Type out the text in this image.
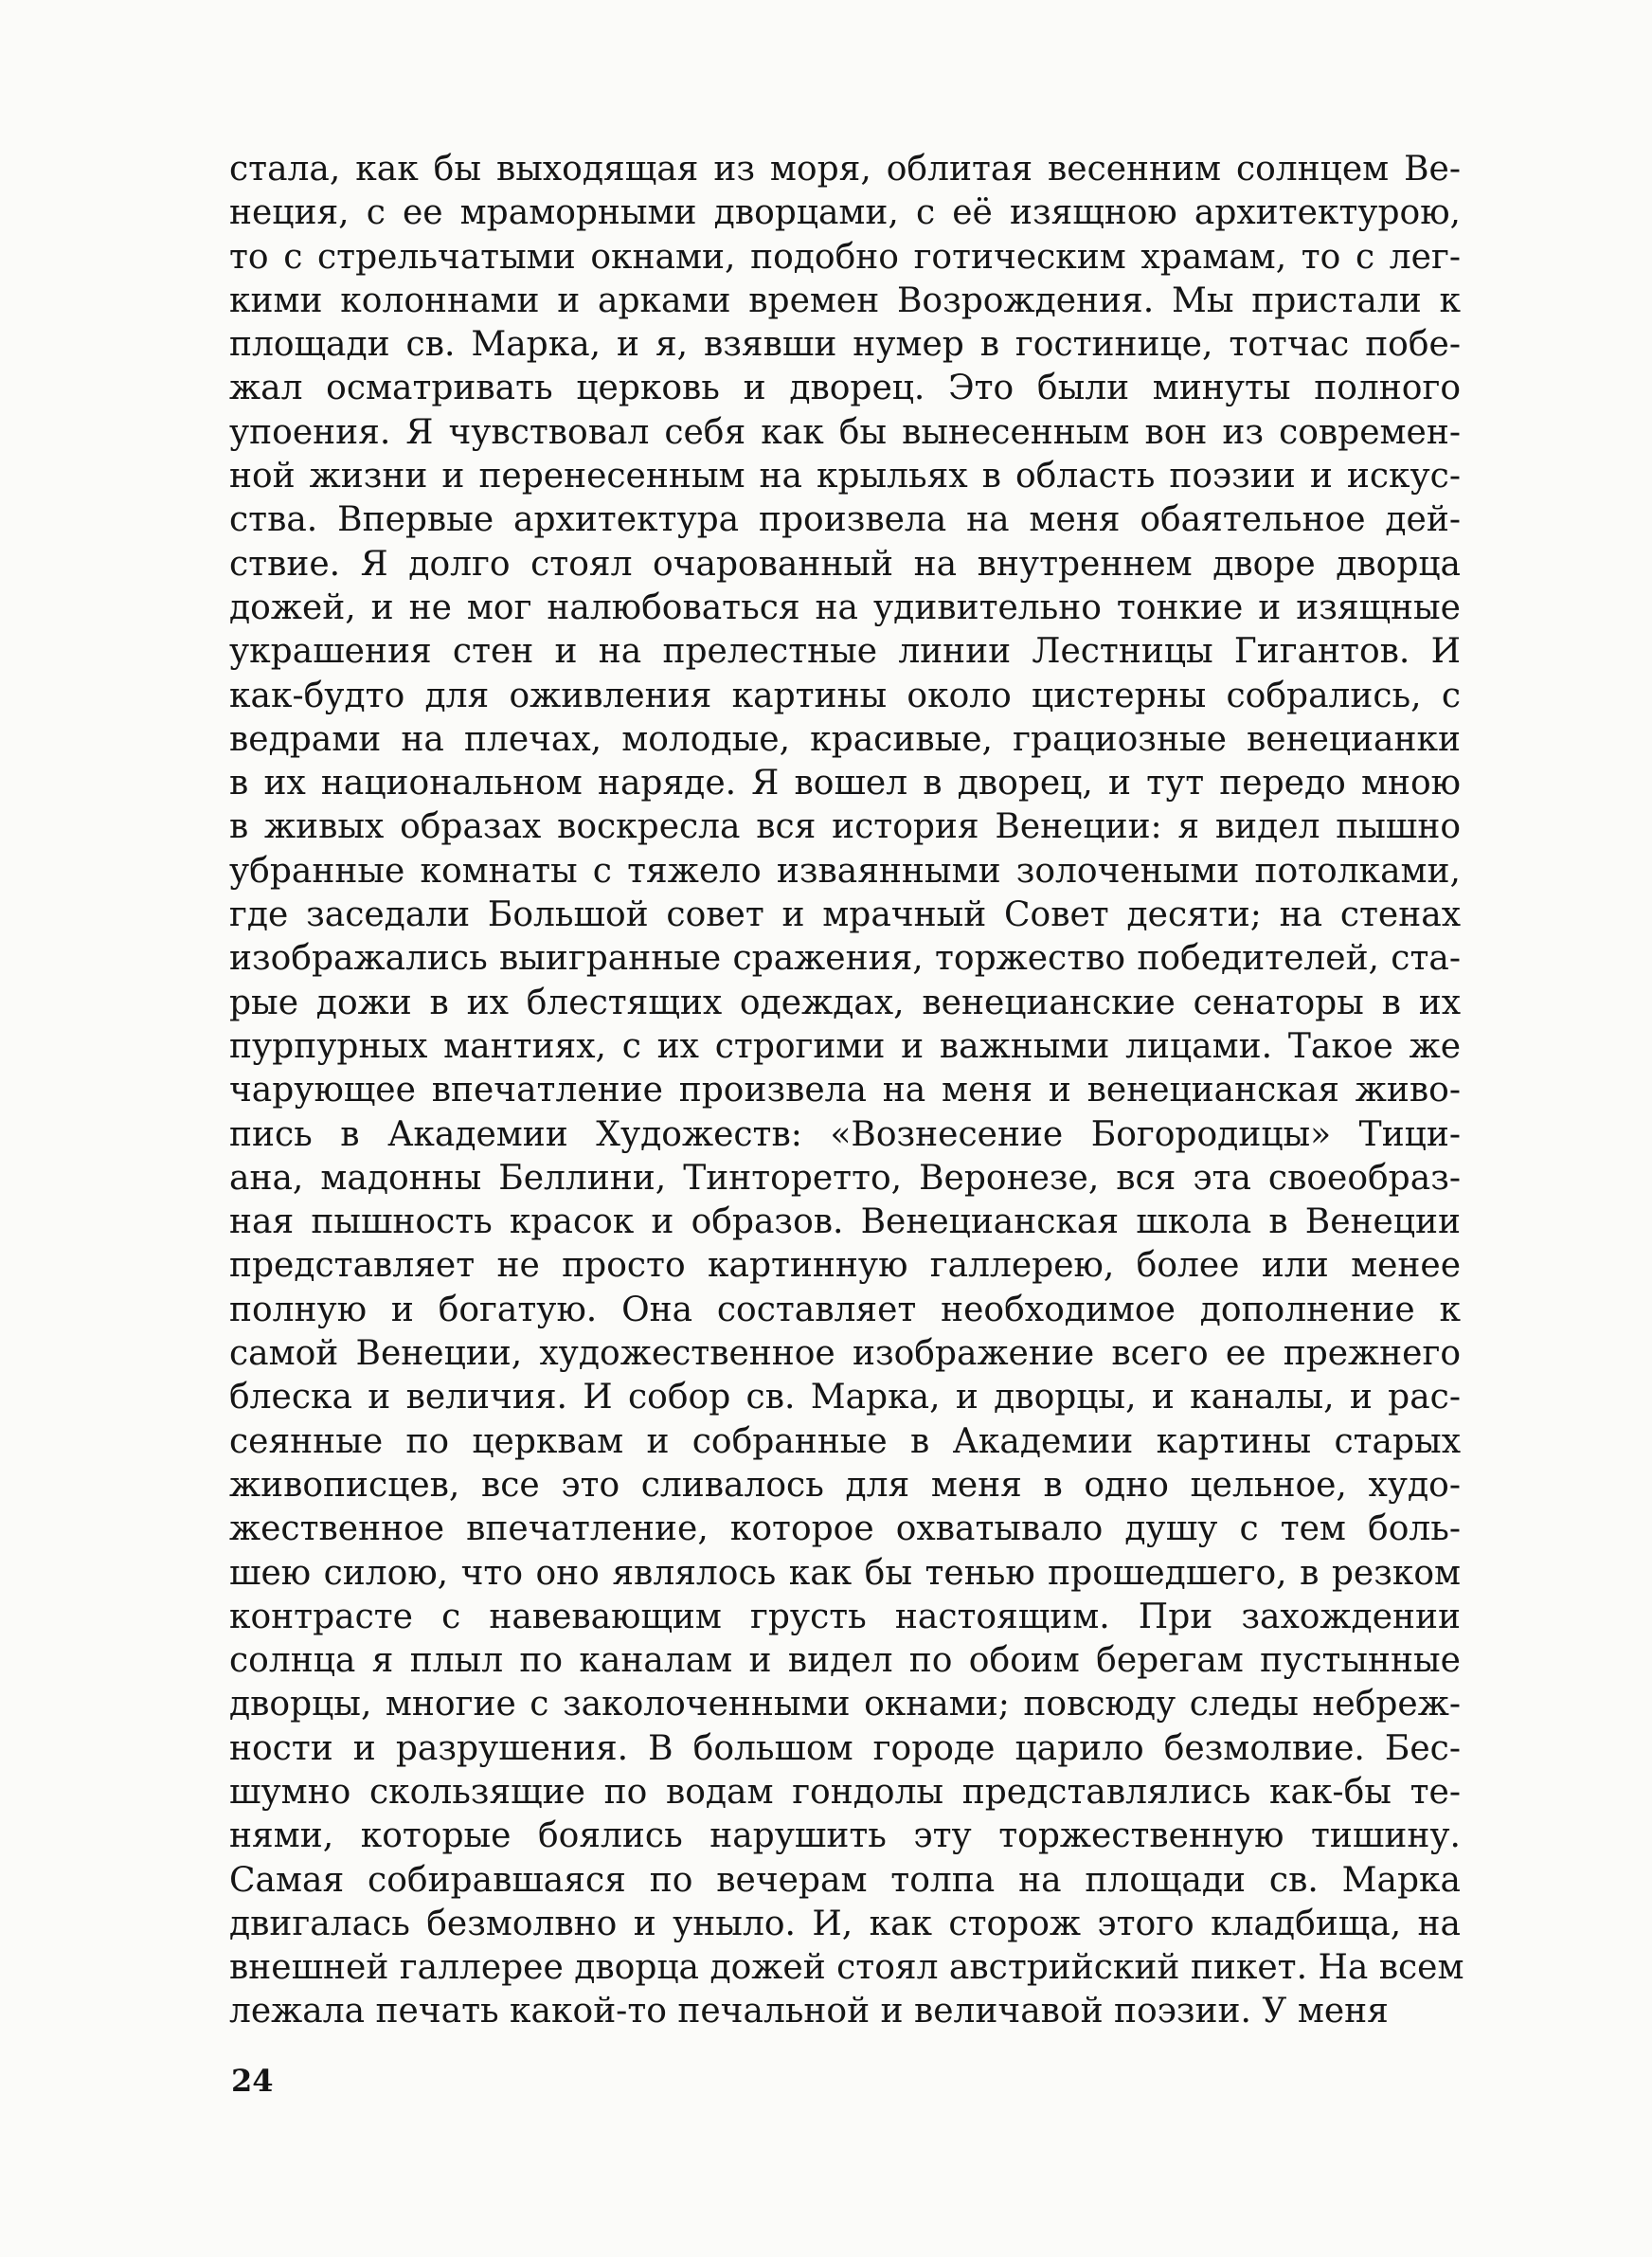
стала, как бы выходящая из моря, облитая весенним солнцем Ве-
неция, с ее мраморными дворцами, с её изящною архитектурою,
то с стрельчатыми окнами, подобно готическим храмам, то с лег-
кими колоннами и арками времен Возрождения. Мы пристали к
площади св. Марка, и я, взявши нумер в гостинице, тотчас побе-
жал осматривать церковь и дворец. Это были минуты полного
упоения. Я чувствовал себя как бы вынесенным вон из современ-
ной жизни и перенесенным на крыльях в область поэзии и искус-
ства. Впервые архитектура произвела на меня обаятельное дей-
ствие. Я долго стоял очарованный на внутреннем дворе дворца
дожей, и не мог налюбоваться на удивительно тонкие и изящные
украшения стен и на прелестные линии Лестницы Гигантов. И
как-будто для оживления картины около цистерны собрались, с
ведрами на плечах, молодые, красивые, грациозные венецианки
в их национальном наряде. Я вошел в дворец, и тут передо мною
в живых образах воскресла вся история Венеции: я видел пышно
убранные комнаты с тяжело изваянными золочеными потолками,
где заседали Большой совет и мрачный Совет десяти; на стенах
изображались выигранные сражения, торжество победителей, ста-
рые дожи в их блестящих одеждах, венецианские сенаторы в их
пурпурных мантиях, с их строгими и важными лицами. Такое же
чарующее впечатление произвела на меня и венецианская живо-
пись в Академии Художеств: «Вознесение Богородицы» Тици-
ана, мадонны Беллини, Тинторетто, Веронезе, вся эта своеобраз-
ная пышность красок и образов. Венецианская школа в Венеции
представляет не просто картинную галлерею, более или менее
полную и богатую. Она составляет необходимое дополнение к
самой Венеции, художественное изображение всего ее прежнего
блеска и величия. И собор св. Марка, и дворцы, и каналы, и рас-
сеянные по церквам и собранные в Академии картины старых
живописцев, все это сливалось для меня в одно цельное, худо-
жественное впечатление, которое охватывало душу с тем боль-
шею силою, что оно являлось как бы тенью прошедшего, в резком
контрасте с навевающим грусть настоящим. При захождении
солнца я плыл по каналам и видел по обоим берегам пустынные
дворцы, многие с заколоченными окнами; повсюду следы небреж-
ности и разрушения. В большом городе царило безмолвие. Бес-
шумно скользящие по водам гондолы представлялись как-бы те-
нями, которые боялись нарушить эту торжественную тишину.
Самая собиравшаяся по вечерам толпа на площади св. Марка
двигалась безмолвно и уныло. И, как сторож этого кладбища, на
внешней галлерее дворца дожей стоял австрийский пикет. На всем
лежала печать какой-то печальной и величавой поэзии. У меня
24
